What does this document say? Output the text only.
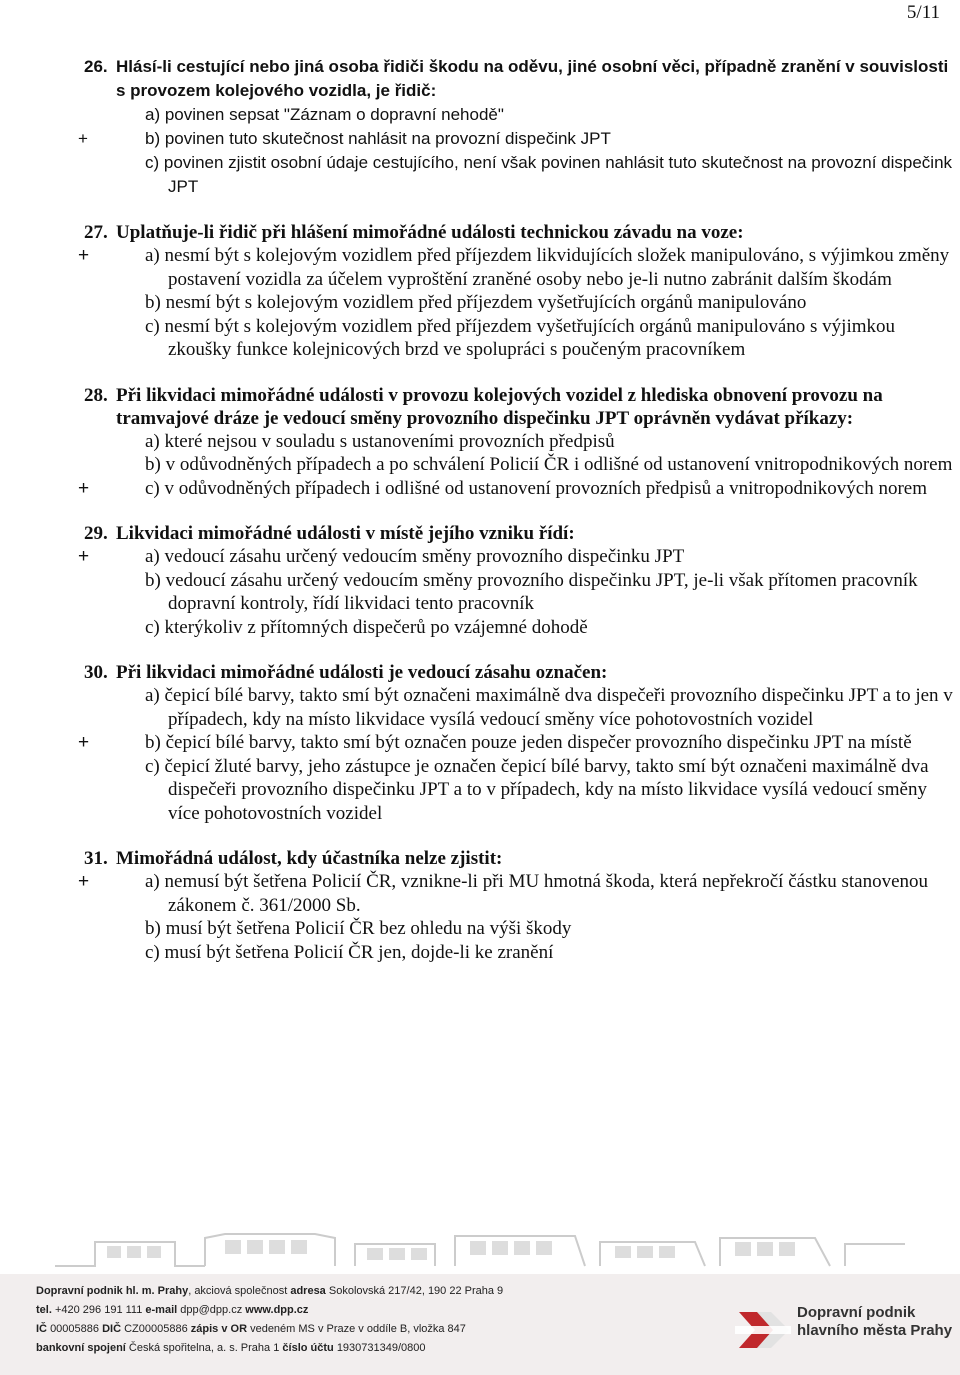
5/11
26. Hlásí-li cestující nebo jiná osoba řidiči škodu na oděvu, jiné osobní věci, případně zranění v souvislosti s provozem kolejového vozidla, je řidič:
a) povinen sepsat "Záznam o dopravní nehodě"
+	b) povinen tuto skutečnost nahlásit na provozní dispečink JPT
c) povinen zjistit osobní údaje cestujícího, není však povinen nahlásit tuto skutečnost na provozní dispečink JPT
27. Uplatňuje-li řidič při hlášení mimořádné události technickou závadu na voze:
+	a) nesmí být s kolejovým vozidlem před příjezdem likvidujících složek manipulováno, s výjimkou změny postavení vozidla za účelem vyproštění zraněné osoby nebo je-li nutno zabránit dalším škodám
b) nesmí být s kolejovým vozidlem před příjezdem vyšetřujících orgánů manipulováno
c) nesmí být s kolejovým vozidlem před příjezdem vyšetřujících orgánů manipulováno s výjimkou zkoušky funkce kolejnicových brzd ve spolupráci s poučeným pracovníkem
28. Při likvidaci mimořádné události v provozu kolejových vozidel z hlediska obnovení provozu na tramvajové dráze je vedoucí směny provozního dispečinku JPT oprávněn vydávat příkazy:
a) které nejsou v souladu s ustanoveními provozních předpisů
b) v odůvodněných případech a po schválení Policií ČR i odlišné od ustanovení vnitropodnikových norem
+	c) v odůvodněných případech i odlišné od ustanovení provozních předpisů a vnitropodnikových norem
29. Likvidaci mimořádné události v místě jejího vzniku řídí:
+	a) vedoucí zásahu určený vedoucím směny provozního dispečinku JPT
b) vedoucí zásahu určený vedoucím směny provozního dispečinku JPT, je-li však přítomen pracovník dopravní kontroly, řídí likvidaci tento pracovník
c) kterýkoliv z přítomných dispečerů po vzájemné dohodě
30. Při likvidaci mimořádné události je vedoucí zásahu označen:
a) čepicí bílé barvy, takto smí být označeni maximálně dva dispečeři provozního dispečinku JPT a to jen v případech, kdy na místo likvidace vysílá vedoucí směny více pohotovostních vozidel
+	b) čepicí bílé barvy, takto smí být označen pouze jeden dispečer provozního dispečinku JPT na místě
c) čepicí žluté barvy, jeho zástupce je označen čepicí bílé barvy, takto smí být označeni maximálně dva dispečeři provozního dispečinku JPT a to v případech, kdy na místo likvidace vysílá vedoucí směny více pohotovostních vozidel
31. Mimořádná událost, kdy účastníka nelze zjistit:
+	a) nemusí být šetřena Policií ČR, vznikne-li při MU hmotná škoda, která nepřekročí částku stanovenou zákonem č. 361/2000 Sb.
b) musí být šetřena Policií ČR bez ohledu na výši škody
c) musí být šetřena Policií ČR jen, dojde-li ke zranění
Dopravní podnik hl. m. Prahy, akciová společnost adresa Sokolovská 217/42, 190 22 Praha 9
tel. +420 296 191 111 e-mail dpp@dpp.cz www.dpp.cz
IČ 00005886 DIČ CZ00005886 zápis v OR vedeném MS v Praze v oddíle B, vložka 847
bankovní spojení Česká spořitelna, a. s. Praha 1 číslo účtu 1930731349/0800
Dopravní podnik
hlavního města Prahy
